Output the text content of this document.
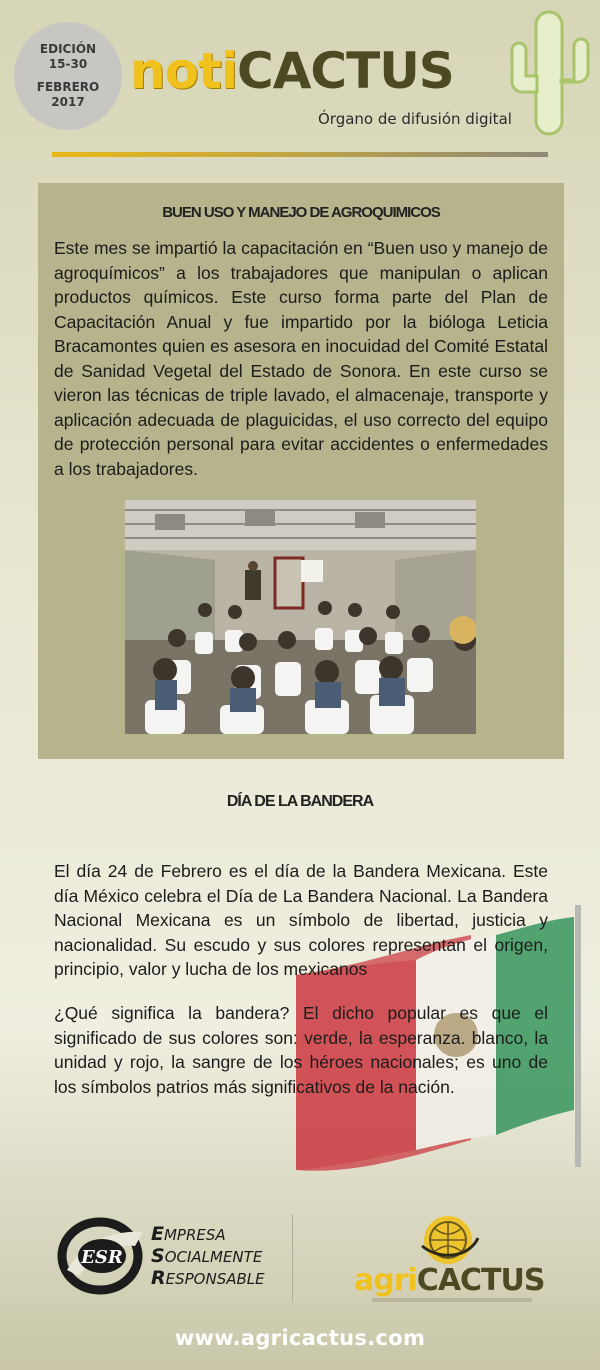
EDICIÓN
15-30
FEBRERO
2017
notiCACTUS
Órgano de difusión digital
BUEN USO Y MANEJO DE AGROQUIMICOS

Este mes se impartió la capacitación en “Buen uso y manejo de agroquímicos” a los trabajadores que manipulan o aplican productos químicos. Este curso forma parte del Plan de Capacitación Anual y fue impartido por la bióloga Leticia Bracamontes quien es asesora en inocuidad del Comité Estatal de Sanidad Vegetal del Estado de Sonora. En este curso se vieron las técnicas de triple lavado, el almacenaje, transporte y aplicación adecuada de plaguicidas, el uso correcto del equipo de protección personal para evitar accidentes o enfermedades a los trabajadores.

DÍA DE LA BANDERA

El día 24 de Febrero es el día de la Bandera Mexicana. Este día México celebra el Día de La Bandera Nacional. La Bandera Nacional Mexicana es un símbolo de libertad, justicia y nacionalidad. Su escudo y sus colores representan el origen, principio, valor y lucha de los mexicanos

¿Qué significa la bandera? El dicho popular es que el significado de sus colores son: verde, la esperanza. blanco, la unidad y rojo, la sangre de los héroes nacionales; es uno de los símbolos patrios más significativos de la nación.

ESR
EMPRESA
SOCIALMENTE
RESPONSABLE	agriCACTUS

www.agricactus.com
